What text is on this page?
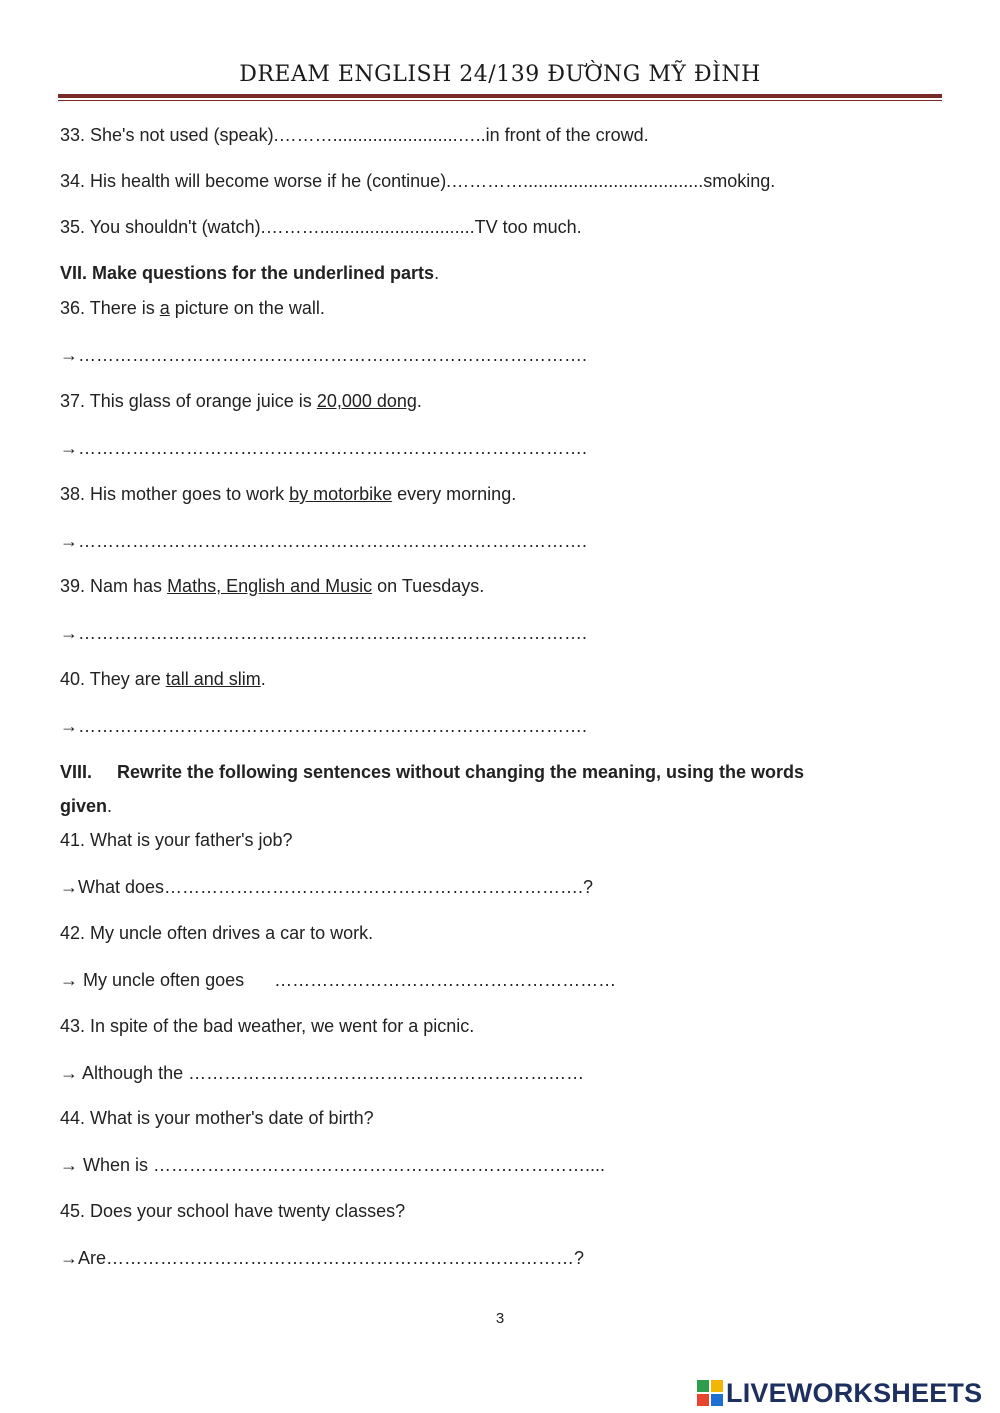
DREAM ENGLISH 24/139 ĐƯỜNG MỸ ĐÌNH
33. She's not used (speak).……….........................…..in front of the crowd.
34. His health will become worse if he (continue).…………....................................smoking.
35. You shouldn't (watch).………...............................TV too much.
VII. Make questions for the underlined parts.
36. There is a picture on the wall.
→………………………………………………………………………….
37. This glass of orange juice is 20,000 dong.
→………………………………………………………………………….
38. His mother goes to work by motorbike every morning.
→………………………………………………………………………….
39. Nam has Maths, English and Music on Tuesdays.
→………………………………………………………………………….
40. They are tall and slim.
→………………………………………………………………………….
VIII.     Rewrite the following sentences without changing the meaning, using the words
given.
41. What is your father's job?
→What does…………………………………………………………….?
42. My uncle often drives a car to work.
→ My uncle often goes      …………………………………………………
43. In spite of the bad weather, we went for a picnic.
→ Although the …………………………………………………………
44. What is your mother's date of birth?
→ When is ………………………………………………………………....
45. Does your school have twenty classes?
→Are……………………………………………………………………?
3
LIVEWORKSHEETS
